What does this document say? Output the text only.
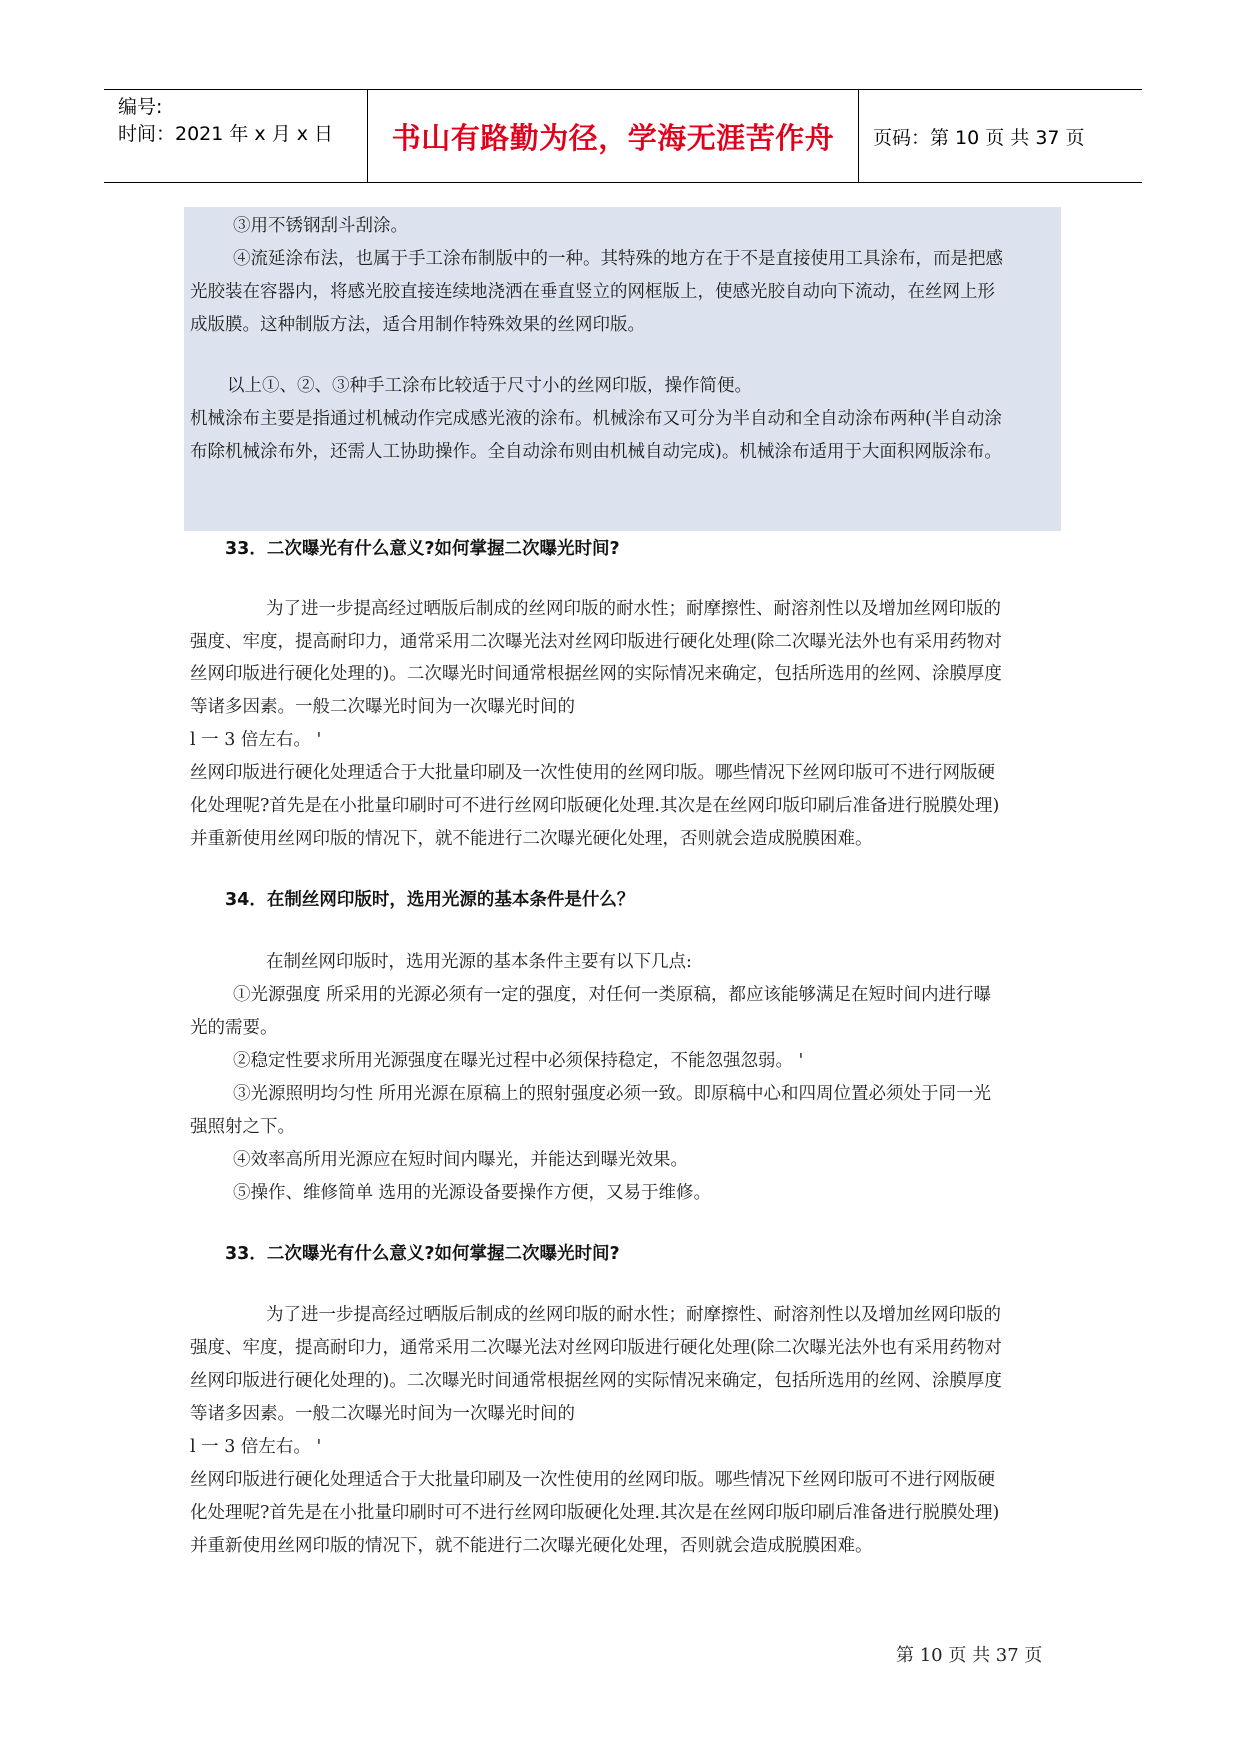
编号:
时间：2021 年 x 月 x 日	书山有路勤为径，学海无涯苦作舟	页码：第 10 页 共 37 页
③用不锈钢刮斗刮涂。
④流延涂布法，也属于手工涂布制版中的一种。其特殊的地方在于不是直接使用工具涂布，而是把感
光胶装在容器内，将感光胶直接连续地浇洒在垂直竖立的网框版上，使感光胶自动向下流动，在丝网上形
成版膜。这种制版方法，适合用制作特殊效果的丝网印版。
以上①、②、③种手工涂布比较适于尺寸小的丝网印版，操作简便。
机械涂布主要是指通过机械动作完成感光液的涂布。机械涂布又可分为半自动和全自动涂布两种(半自动涂
布除机械涂布外，还需人工协助操作。全自动涂布则由机械自动完成)。机械涂布适用于大面积网版涂布。
33．二次曝光有什么意义?如何掌握二次曝光时间?
为了进一步提高经过晒版后制成的丝网印版的耐水性；耐摩擦性、耐溶剂性以及增加丝网印版的
强度、牢度，提高耐印力，通常采用二次曝光法对丝网印版进行硬化处理(除二次曝光法外也有采用药物对
丝网印版进行硬化处理的)。二次曝光时间通常根据丝网的实际情况来确定，包括所选用的丝网、涂膜厚度
等诸多因素。一般二次曝光时间为一次曝光时间的
l 一 3 倍左右。 '
丝网印版进行硬化处理适合于大批量印刷及一次性使用的丝网印版。哪些情况下丝网印版可不进行网版硬
化处理呢?首先是在小批量印刷时可不进行丝网印版硬化处理.其次是在丝网印版印刷后准备进行脱膜处理)
并重新使用丝网印版的情况下，就不能进行二次曝光硬化处理，否则就会造成脱膜困难。
34．在制丝网印版时，选用光源的基本条件是什么？
在制丝网印版时，选用光源的基本条件主要有以下几点:
①光源强度 所采用的光源必须有一定的强度，对任何一类原稿，都应该能够满足在短时间内进行曝
光的需要。
②稳定性要求所用光源强度在曝光过程中必须保持稳定，不能忽强忽弱。 '
③光源照明均匀性 所用光源在原稿上的照射强度必须一致。即原稿中心和四周位置必须处于同一光
强照射之下。
④效率高所用光源应在短时间内曝光，并能达到曝光效果。
⑤操作、维修简单 选用的光源设备要操作方便，又易于维修。
33．二次曝光有什么意义?如何掌握二次曝光时间?
为了进一步提高经过晒版后制成的丝网印版的耐水性；耐摩擦性、耐溶剂性以及增加丝网印版的
强度、牢度，提高耐印力，通常采用二次曝光法对丝网印版进行硬化处理(除二次曝光法外也有采用药物对
丝网印版进行硬化处理的)。二次曝光时间通常根据丝网的实际情况来确定，包括所选用的丝网、涂膜厚度
等诸多因素。一般二次曝光时间为一次曝光时间的
l 一 3 倍左右。 '
丝网印版进行硬化处理适合于大批量印刷及一次性使用的丝网印版。哪些情况下丝网印版可不进行网版硬
化处理呢?首先是在小批量印刷时可不进行丝网印版硬化处理.其次是在丝网印版印刷后准备进行脱膜处理)
并重新使用丝网印版的情况下，就不能进行二次曝光硬化处理，否则就会造成脱膜困难。
第 10 页 共 37 页
